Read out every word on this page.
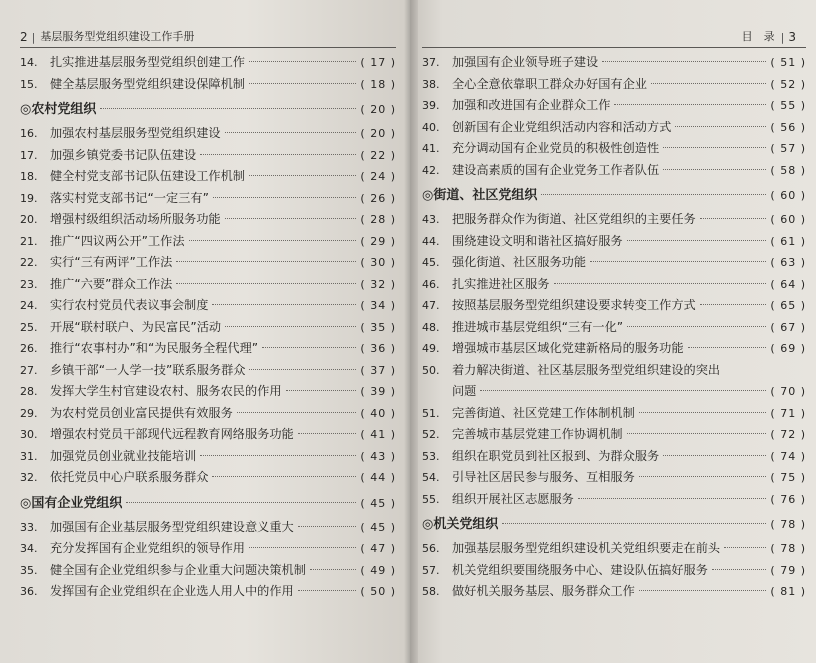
2 | 基层服务型党组织建设工作手册
14.	扎实推进基层服务型党组织创建工作	( 17 )
15.	健全基层服务型党组织建设保障机制	( 18 )
◎农村党组织	( 20 )
16.	加强农村基层服务型党组织建设	( 20 )
17.	加强乡镇党委书记队伍建设	( 22 )
18.	健全村党支部书记队伍建设工作机制	( 24 )
19.	落实村党支部书记“一定三有”	( 26 )
20.	增强村级组织活动场所服务功能	( 28 )
21.	推广“四议两公开”工作法	( 29 )
22.	实行“三有两评”工作法	( 30 )
23.	推广“六要”群众工作法	( 32 )
24.	实行农村党员代表议事会制度	( 34 )
25.	开展“联村联户、为民富民”活动	( 35 )
26.	推行“农事村办”和“为民服务全程代理”	( 36 )
27.	乡镇干部“一人学一技”联系服务群众	( 37 )
28.	发挥大学生村官建设农村、服务农民的作用	( 39 )
29.	为农村党员创业富民提供有效服务	( 40 )
30.	增强农村党员干部现代远程教育网络服务功能	( 41 )
31.	加强党员创业就业技能培训	( 43 )
32.	依托党员中心户联系服务群众	( 44 )
◎国有企业党组织	( 45 )
33.	加强国有企业基层服务型党组织建设意义重大	( 45 )
34.	充分发挥国有企业党组织的领导作用	( 47 )
35.	健全国有企业党组织参与企业重大问题决策机制	( 49 )
36.	发挥国有企业党组织在企业选人用人中的作用	( 50 )
目　录 | 3
37.	加强国有企业领导班子建设	( 51 )
38.	全心全意依靠职工群众办好国有企业	( 52 )
39.	加强和改进国有企业群众工作	( 55 )
40.	创新国有企业党组织活动内容和活动方式	( 56 )
41.	充分调动国有企业党员的积极性创造性	( 57 )
42.	建设高素质的国有企业党务工作者队伍	( 58 )
◎街道、社区党组织	( 60 )
43.	把服务群众作为街道、社区党组织的主要任务	( 60 )
44.	围绕建设文明和谐社区搞好服务	( 61 )
45.	强化街道、社区服务功能	( 63 )
46.	扎实推进社区服务	( 64 )
47.	按照基层服务型党组织建设要求转变工作方式	( 65 )
48.	推进城市基层党组织“三有一化”	( 67 )
49.	增强城市基层区域化党建新格局的服务功能	( 69 )
50.	着力解决街道、社区基层服务型党组织建设的突出
问题	( 70 )
51.	完善街道、社区党建工作体制机制	( 71 )
52.	完善城市基层党建工作协调机制	( 72 )
53.	组织在职党员到社区报到、为群众服务	( 74 )
54.	引导社区居民参与服务、互相服务	( 75 )
55.	组织开展社区志愿服务	( 76 )
◎机关党组织	( 78 )
56.	加强基层服务型党组织建设机关党组织要走在前头	( 78 )
57.	机关党组织要围绕服务中心、建设队伍搞好服务	( 79 )
58.	做好机关服务基层、服务群众工作	( 81 )
